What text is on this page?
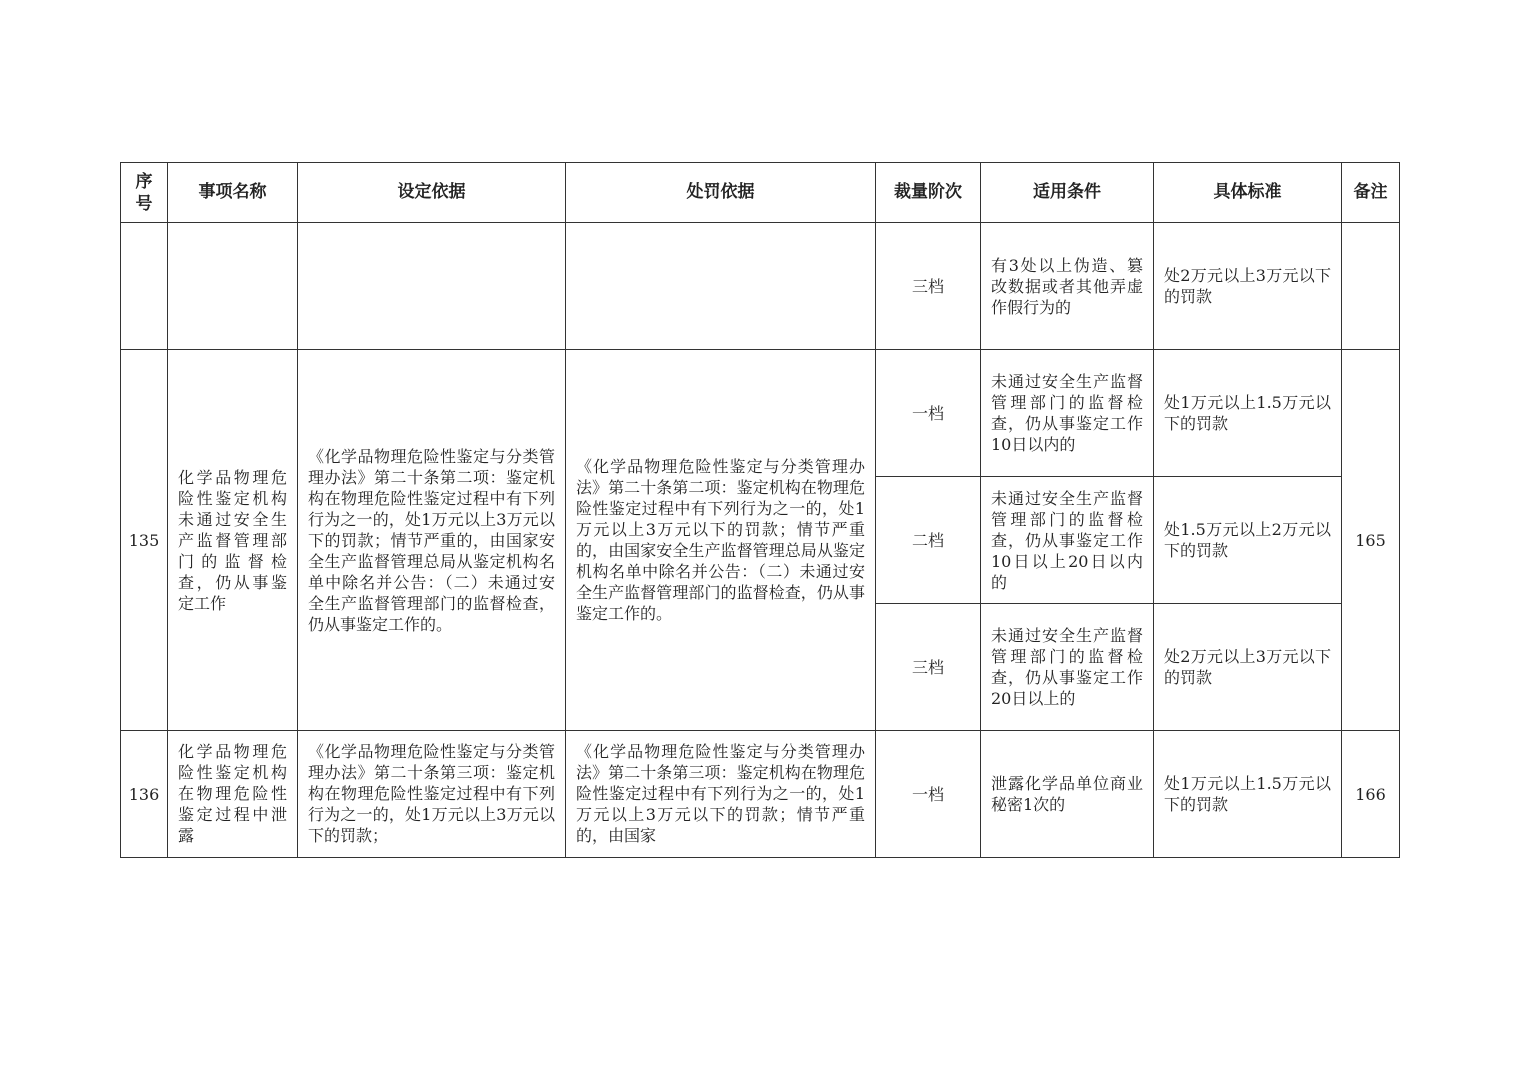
序号	事项名称	设定依据	处罚依据	裁量阶次	适用条件	具体标准	备注
				三档	有3处以上伪造、篡改数据或者其他弄虚作假行为的	处2万元以上3万元以下的罚款	

135	化学品物理危险性鉴定机构未通过安全生产监督管理部门的监督检查，仍从事鉴定工作	《化学品物理危险性鉴定与分类管理办法》第二十条第二项：鉴定机构在物理危险性鉴定过程中有下列行为之一的，处1万元以上3万元以下的罚款；情节严重的，由国家安全生产监督管理总局从鉴定机构名单中除名并公告：（二）未通过安全生产监督管理部门的监督检查，仍从事鉴定工作的。	《化学品物理危险性鉴定与分类管理办法》第二十条第二项：鉴定机构在物理危险性鉴定过程中有下列行为之一的，处1万元以上3万元以下的罚款；情节严重的，由国家安全生产监督管理总局从鉴定机构名单中除名并公告：（二）未通过安全生产监督管理部门的监督检查，仍从事鉴定工作的。	一档	未通过安全生产监督管理部门的监督检查，仍从事鉴定工作10日以内的	处1万元以上1.5万元以下的罚款	165
				二档	未通过安全生产监督管理部门的监督检查，仍从事鉴定工作10日以上20日以内的	处1.5万元以上2万元以下的罚款	

				三档	未通过安全生产监督管理部门的监督检查，仍从事鉴定工作20日以上的	处2万元以上3万元以下的罚款	

136	化学品物理危险性鉴定机构在物理危险性鉴定过程中泄露	《化学品物理危险性鉴定与分类管理办法》第二十条第三项：鉴定机构在物理危险性鉴定过程中有下列行为之一的，处1万元以上3万元以下的罚款；	《化学品物理危险性鉴定与分类管理办法》第二十条第三项：鉴定机构在物理危险性鉴定过程中有下列行为之一的，处1万元以上3万元以下的罚款；情节严重的，由国家	一档	泄露化学品单位商业秘密1次的	处1万元以上1.5万元以下的罚款	166
